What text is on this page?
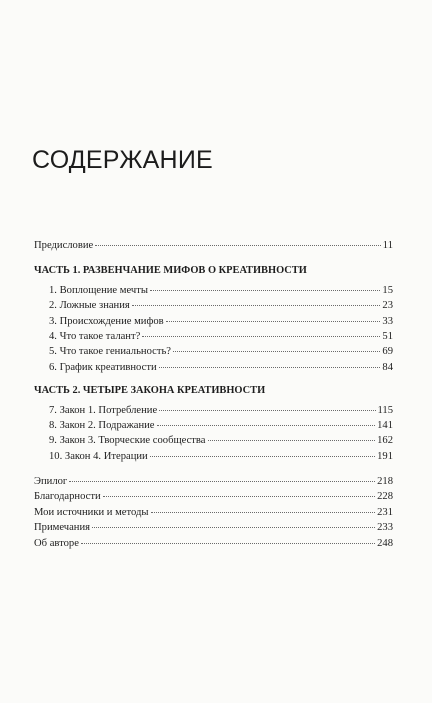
СОДЕРЖАНИЕ
Предисловие	11
ЧАСТЬ 1. РАЗВЕНЧАНИЕ МИФОВ О КРЕАТИВНОСТИ
1. Воплощение мечты	15
2. Ложные знания	23
3. Происхождение мифов	33
4. Что такое талант?	51
5. Что такое гениальность?	69
6. График креативности	84
ЧАСТЬ 2. ЧЕТЫРЕ ЗАКОНА КРЕАТИВНОСТИ
7. Закон 1. Потребление	115
8. Закон 2. Подражание	141
9. Закон 3. Творческие сообщества	162
10. Закон 4. Итерации	191
Эпилог	218
Благодарности	228
Мои источники и методы	231
Примечания	233
Об авторе	248
